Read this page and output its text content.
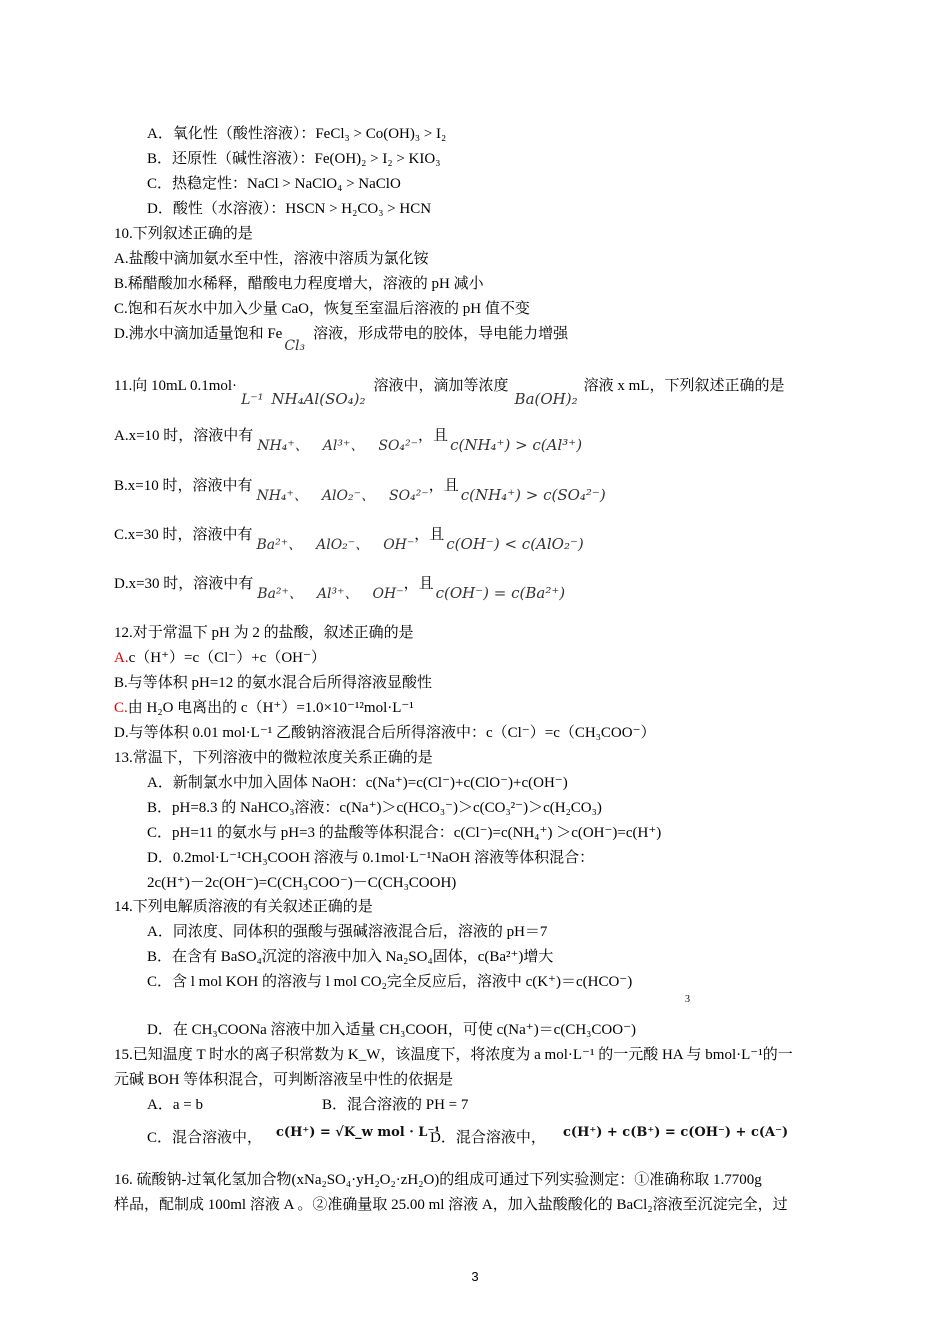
A．氧化性（酸性溶液）：FeCl₃ > Co(OH)₃ > I₂
B．还原性（碱性溶液）：Fe(OH)₂ > I₂ > KIO₃
C．热稳定性：NaCl > NaClO₄ > NaClO
D．酸性（水溶液）：HSCN > H₂CO₃ > HCN
10.下列叙述正确的是
A.盐酸中滴加氨水至中性，溶液中溶质为氯化铵
B.稀醋酸加水稀释，醋酸电力程度增大，溶液的 pH 减小
C.饱和石灰水中加入少量 CaO，恢复至室温后溶液的 pH 值不变
D.沸水中滴加适量饱和 FeCl₃溶液，形成带电的胶体，导电能力增强
11.向 10mL 0.1mol·L⁻¹ NH₄Al(SO₄)₂溶液中，滴加等浓度Ba(OH)₂溶液 x mL，下列叙述正确的是
A.x=10 时，溶液中有NH₄⁺、 Al³⁺、 SO₄²⁻，且 c(NH₄⁺) > c(Al³⁺)
B.x=10 时，溶液中有NH₄⁺、 AlO₂⁻、 SO₄²⁻，且 c(NH₄⁺) > c(SO₄²⁻)
C.x=30 时，溶液中有Ba²⁺、 AlO₂⁻、 OH⁻，且 c(OH⁻) < c(AlO₂⁻)
D.x=30 时，溶液中有Ba²⁺、 Al³⁺、 OH⁻，且 c(OH⁻) = c(Ba²⁺)
12.对于常温下 pH 为 2 的盐酸，叙述正确的是
A.c（H⁺）=c（Cl⁻）+c（OH⁻）
B.与等体积 pH=12 的氨水混合后所得溶液显酸性
C.由 H₂O 电离出的 c（H⁺）=1.0×10⁻¹²mol·L⁻¹
D.与等体积 0.01 mol·L⁻¹ 乙酸钠溶液混合后所得溶液中：c（Cl⁻）=c（CH₃COO⁻）
13.常温下，下列溶液中的微粒浓度关系正确的是
A．新制氯水中加入固体 NaOH：c(Na⁺)=c(Cl⁻)+c(ClO⁻)+c(OH⁻)
B．pH=8.3 的 NaHCO₃溶液：c(Na⁺)＞c(HCO₃⁻)＞c(CO₃²⁻)＞c(H₂CO₃)
C．pH=11 的氨水与 pH=3 的盐酸等体积混合：c(Cl⁻)=c(NH₄⁺) ＞c(OH⁻)=c(H⁺)
D．0.2mol·L⁻¹CH₃COOH 溶液与 0.1mol·L⁻¹NaOH 溶液等体积混合：
2c(H⁺)－2c(OH⁻)=C(CH₃COO⁻)－C(CH₃COOH)
14.下列电解质溶液的有关叙述正确的是
A．同浓度、同体积的强酸与强碱溶液混合后，溶液的 pH＝7
B．在含有 BaSO₄沉淀的溶液中加入 Na₂SO₄固体，c(Ba²⁺)增大
C．含 l mol KOH 的溶液与 l mol CO₂完全反应后，溶液中 c(K⁺)＝c(HCO⁻)
3
D．在 CH₃COONa 溶液中加入适量 CH₃COOH，可使 c(Na⁺)＝c(CH₃COO⁻)
15.已知温度 T 时水的离子积常数为 K_W，该温度下，将浓度为 a mol·L⁻¹ 的一元酸 HA 与 bmol·L⁻¹的一
元碱 BOH 等体积混合，可判断溶液呈中性的依据是
A．a = b	B．混合溶液的 PH = 7
C．混合溶液中， c(H⁺) = √K_w mol · L⁻¹
D．混合溶液中， c(H⁺) + c(B⁺) = c(OH⁻) + c(A⁻)
16. 硫酸钠-过氧化氢加合物(xNa₂SO₄·yH₂O₂·zH₂O)的组成可通过下列实验测定：①准确称取 1.7700g
样品，配制成 100ml 溶液 A 。②准确量取 25.00 ml 溶液 A，加入盐酸酸化的 BaCl₂溶液至沉淀完全，过
3
